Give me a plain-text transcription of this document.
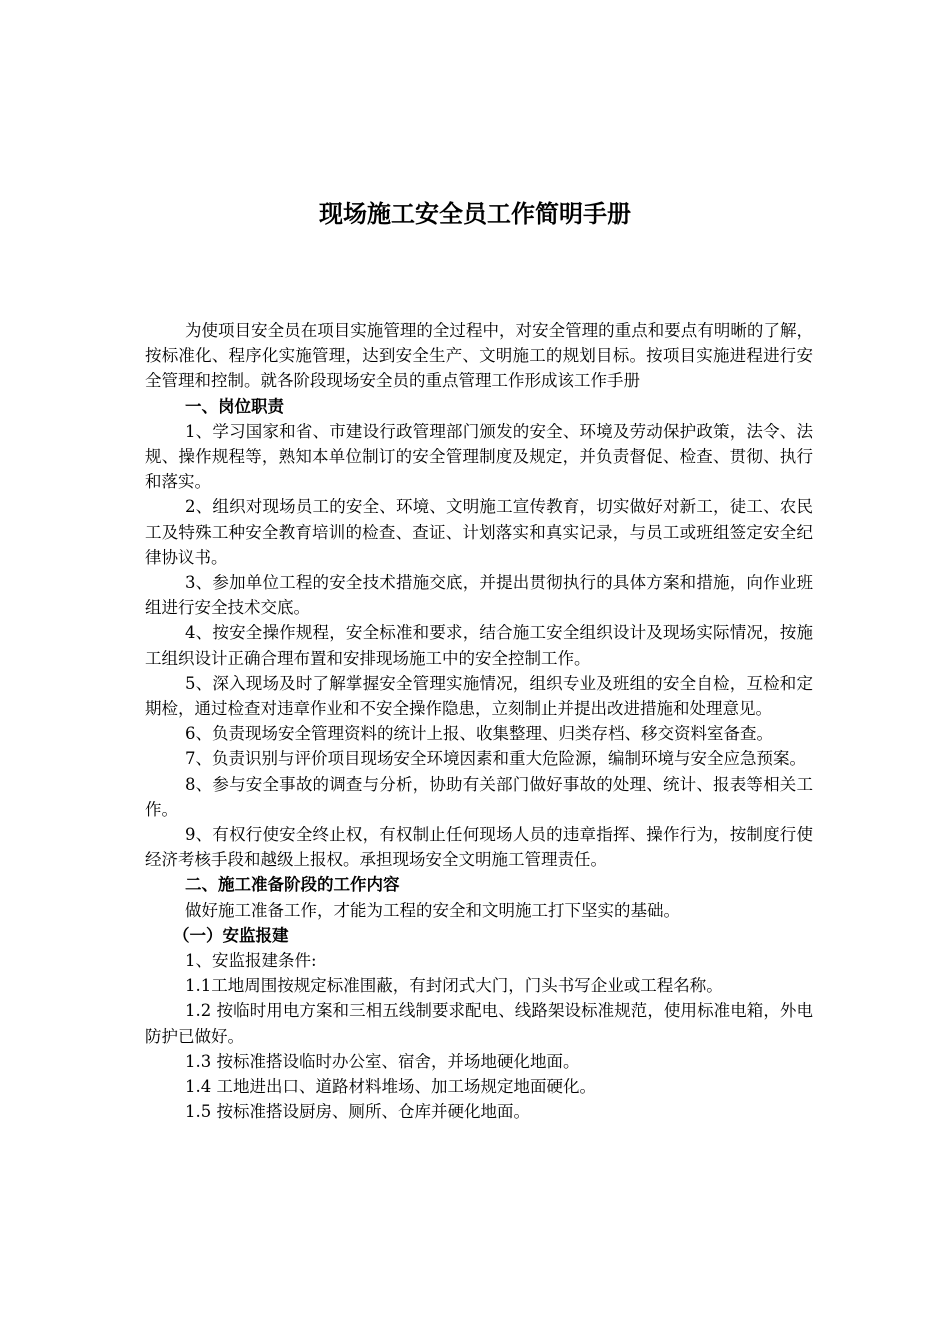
现场施工安全员工作简明手册

为使项目安全员在项目实施管理的全过程中，对安全管理的重点和要点有明晰的了解，按标准化、程序化实施管理，达到安全生产、文明施工的规划目标。按项目实施进程进行安全管理和控制。就各阶段现场安全员的重点管理工作形成该工作手册

一、岗位职责

1、学习国家和省、市建设行政管理部门颁发的安全、环境及劳动保护政策，法令、法规、操作规程等，熟知本单位制订的安全管理制度及规定，并负责督促、检查、贯彻、执行和落实。

2、组织对现场员工的安全、环境、文明施工宣传教育，切实做好对新工，徒工、农民工及特殊工种安全教育培训的检查、查证、计划落实和真实记录，与员工或班组签定安全纪律协议书。

3、参加单位工程的安全技术措施交底，并提出贯彻执行的具体方案和措施，向作业班组进行安全技术交底。

4、按安全操作规程，安全标准和要求，结合施工安全组织设计及现场实际情况，按施工组织设计正确合理布置和安排现场施工中的安全控制工作。

5、深入现场及时了解掌握安全管理实施情况，组织专业及班组的安全自检，互检和定期检，通过检查对违章作业和不安全操作隐患，立刻制止并提出改进措施和处理意见。

6、负责现场安全管理资料的统计上报、收集整理、归类存档、移交资料室备查。

7、负责识别与评价项目现场安全环境因素和重大危险源，编制环境与安全应急预案。

8、参与安全事故的调查与分析，协助有关部门做好事故的处理、统计、报表等相关工作。

9、有权行使安全终止权，有权制止任何现场人员的违章指挥、操作行为，按制度行使经济考核手段和越级上报权。承担现场安全文明施工管理责任。

二、施工准备阶段的工作内容

做好施工准备工作，才能为工程的安全和文明施工打下坚实的基础。

（一）安监报建

1、安监报建条件:

1.1工地周围按规定标准围蔽，有封闭式大门，门头书写企业或工程名称。

1.2 按临时用电方案和三相五线制要求配电、线路架设标准规范，使用标准电箱，外电防护已做好。

1.3 按标准搭设临时办公室、宿舍，并场地硬化地面。

1.4 工地进出口、道路材料堆场、加工场规定地面硬化。

1.5 按标准搭设厨房、厕所、仓库并硬化地面。
